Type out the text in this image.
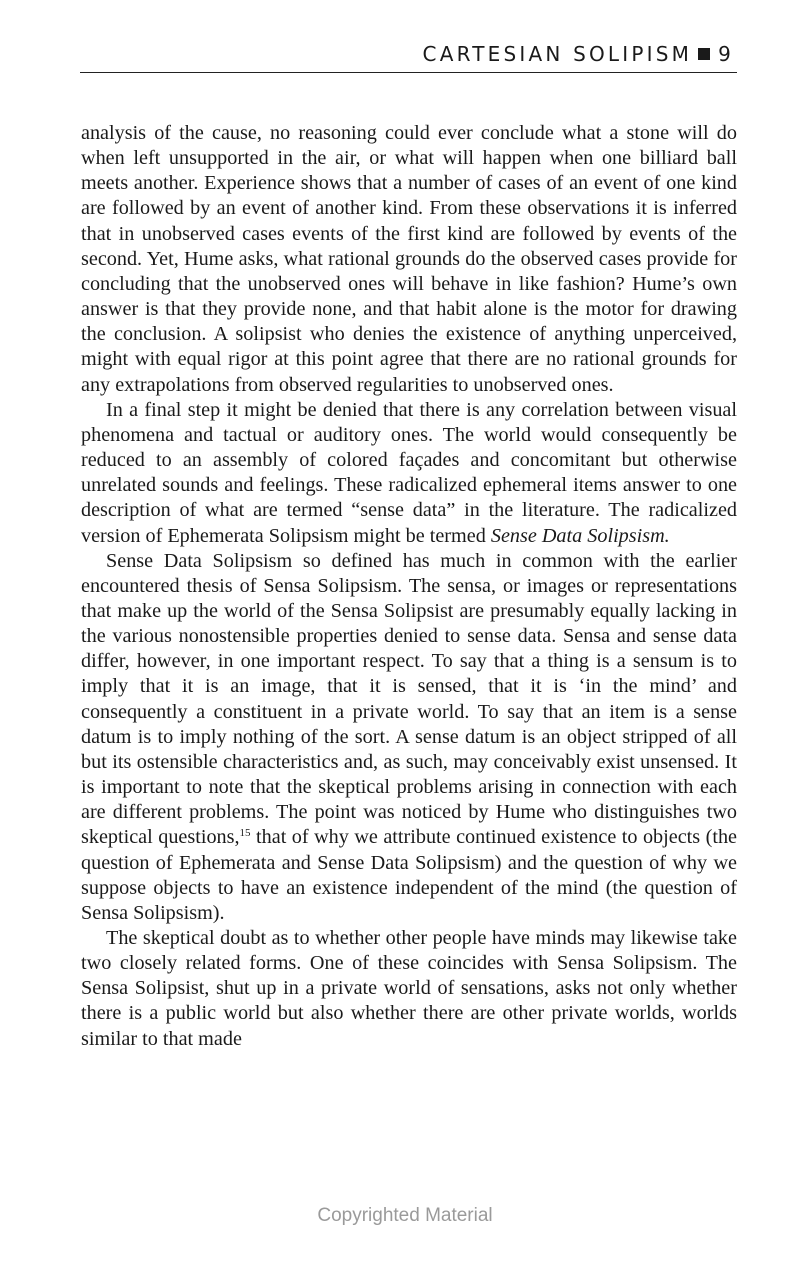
CARTESIAN SOLIPISM 9

analysis of the cause, no reasoning could ever conclude what a stone will do when left unsupported in the air, or what will happen when one billiard ball meets another. Experience shows that a number of cases of an event of one kind are followed by an event of another kind. From these observations it is inferred that in unobserved cases events of the first kind are followed by events of the second. Yet, Hume asks, what rational grounds do the observed cases provide for concluding that the unobserved ones will behave in like fashion? Hume’s own answer is that they provide none, and that habit alone is the motor for drawing the conclusion. A solipsist who denies the existence of anything unperceived, might with equal rigor at this point agree that there are no rational grounds for any extrapolations from observed regularities to unobserved ones.

In a final step it might be denied that there is any correlation between visual phenomena and tactual or auditory ones. The world would consequently be reduced to an assembly of colored façades and concomitant but otherwise unrelated sounds and feelings. These radicalized ephemeral items answer to one description of what are termed “sense data” in the literature. The radicalized version of Ephemerata Solipsism might be termed Sense Data Solipsism.

Sense Data Solipsism so defined has much in common with the earlier encountered thesis of Sensa Solipsism. The sensa, or images or representations that make up the world of the Sensa Solipsist are presumably equally lacking in the various nonostensible properties denied to sense data. Sensa and sense data differ, however, in one important respect. To say that a thing is a sensum is to imply that it is an image, that it is sensed, that it is ‘in the mind’ and consequently a constituent in a private world. To say that an item is a sense datum is to imply nothing of the sort. A sense datum is an object stripped of all but its ostensible characteristics and, as such, may conceivably exist unsensed. It is important to note that the skeptical problems arising in connection with each are different problems. The point was noticed by Hume who distinguishes two skeptical questions,$^{15}$ that of why we attribute continued existence to objects (the question of Ephemerata and Sense Data Solipsism) and the question of why we suppose objects to have an existence independent of the mind (the question of Sensa Solipsism).

The skeptical doubt as to whether other people have minds may likewise take two closely related forms. One of these coincides with Sensa Solipsism. The Sensa Solipsist, shut up in a private world of sensations, asks not only whether there is a public world but also whether there are other private worlds, worlds similar to that made

Copyrighted Material
